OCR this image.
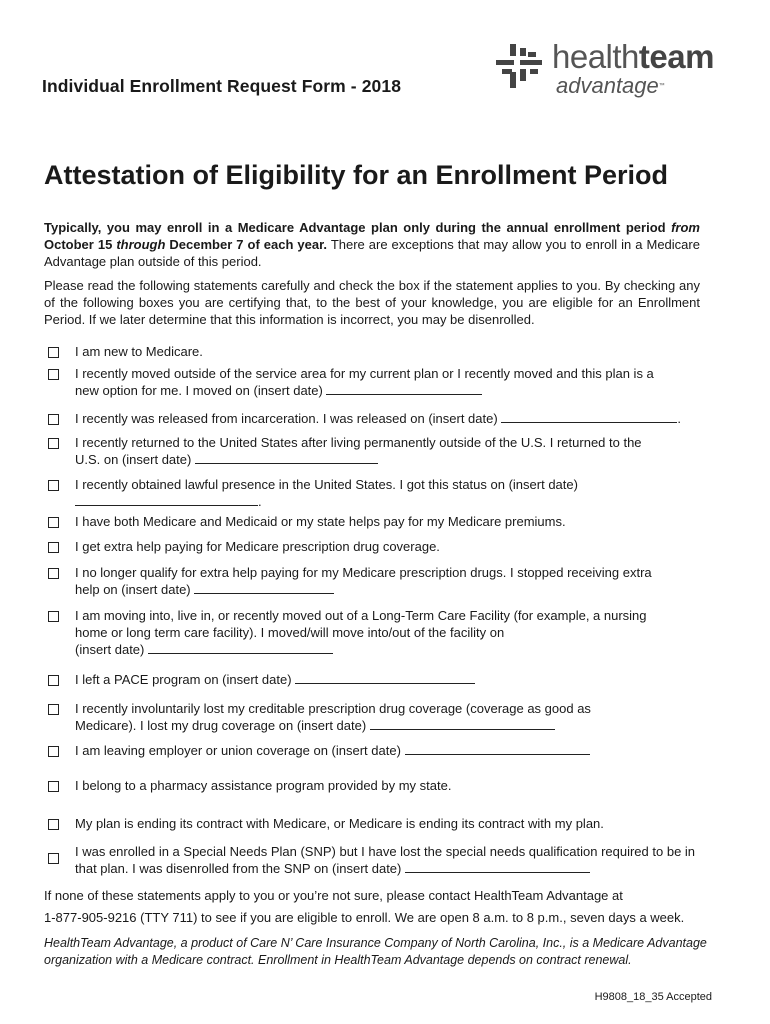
Individual Enrollment Request Form - 2018
healthteam
advantage™
Attestation of Eligibility for an Enrollment Period

Typically, you may enroll in a Medicare Advantage plan only during the annual enrollment period from October 15 through December 7 of each year. There are exceptions that may allow you to enroll in a Medicare Advantage plan outside of this period.

Please read the following statements carefully and check the box if the statement applies to you. By checking any of the following boxes you are certifying that, to the best of your knowledge, you are eligible for an Enrollment Period. If we later determine that this information is incorrect, you may be disenrolled.

I am new to Medicare.
I recently moved outside of the service area for my current plan or I recently moved and this plan is a
new option for me. I moved on (insert date)
I recently was released from incarceration. I was released on (insert date)	.
I recently returned to the United States after living permanently outside of the U.S. I returned to the
U.S. on (insert date)
I recently obtained lawful presence in the United States. I got this status on (insert date)
.
I have both Medicare and Medicaid or my state helps pay for my Medicare premiums.
I get extra help paying for Medicare prescription drug coverage.
I no longer qualify for extra help paying for my Medicare prescription drugs. I stopped receiving extra
help on (insert date)
I am moving into, live in, or recently moved out of a Long-Term Care Facility (for example, a nursing
home or long term care facility). I moved/will move into/out of the facility on
(insert date)
I left a PACE program on (insert date)
I recently involuntarily lost my creditable prescription drug coverage (coverage as good as
Medicare). I lost my drug coverage on (insert date)
I am leaving employer or union coverage on (insert date)
I belong to a pharmacy assistance program provided by my state.
My plan is ending its contract with Medicare, or Medicare is ending its contract with my plan.
I was enrolled in a Special Needs Plan (SNP) but I have lost the special needs qualification required to be in
that plan. I was disenrolled from the SNP on (insert date)
If none of these statements apply to you or you’re not sure, please contact HealthTeam Advantage at
1-877-905-9216 (TTY 711) to see if you are eligible to enroll. We are open 8 a.m. to 8 p.m., seven days a week.
HealthTeam Advantage, a product of Care N’ Care Insurance Company of North Carolina, Inc., is a Medicare Advantage organization with a Medicare contract. Enrollment in HealthTeam Advantage depends on contract renewal.
H9808_18_35 Accepted
